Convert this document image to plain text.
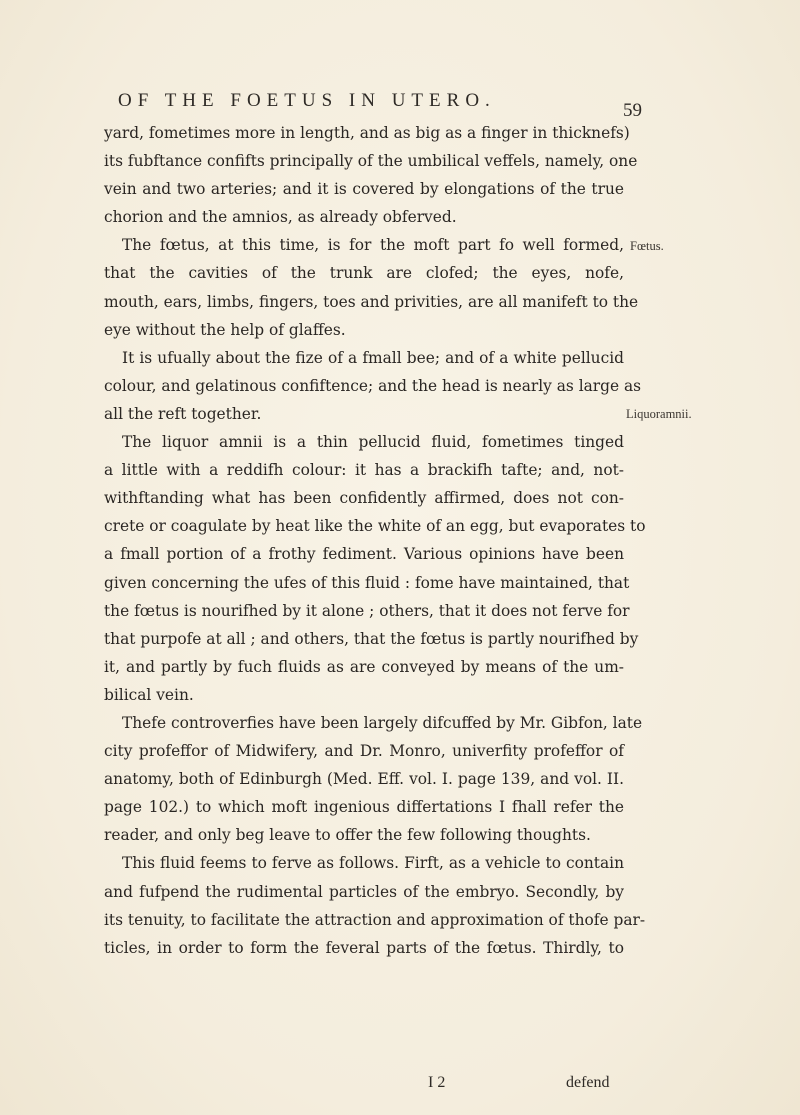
OF THE FOETUS IN UTERO.	59
Fœtus.
Liquoramnii.
yard, fometimes more in length, and as big as a finger in thicknefs)
its fubftance confifts principally of the umbilical veffels, namely, one
vein and two arteries; and it is covered by elongations of the true
chorion and the amnios, as already obferved.
The fœtus, at this time, is for the moft part fo well formed,
that the cavities of the trunk are clofed; the eyes, nofe,
mouth, ears, limbs, fingers, toes and privities, are all manifeft to the
eye without the help of glaffes.
It is ufually about the fize of a fmall bee; and of a white pellucid
colour, and gelatinous confiftence; and the head is nearly as large as
all the reft together.
The liquor amnii is a thin pellucid fluid, fometimes tinged
a little with a reddifh colour: it has a brackifh tafte; and, not-
withftanding what has been confidently affirmed, does not con-
crete or coagulate by heat like the white of an egg, but evaporates to
a fmall portion of a frothy fediment. Various opinions have been
given concerning the ufes of this fluid : fome have maintained, that
the fœtus is nourifhed by it alone ; others, that it does not ferve for
that purpofe at all ; and others, that the fœtus is partly nourifhed by
it, and partly by fuch fluids as are conveyed by means of the um-
bilical vein.
Thefe controverfies have been largely difcuffed by Mr. Gibfon, late
city profeffor of Midwifery, and Dr. Monro, univerfity profeffor of
anatomy, both of Edinburgh (Med. Eff. vol. I. page 139, and vol. II.
page 102.) to which moft ingenious differtations I fhall refer the
reader, and only beg leave to offer the few following thoughts.
This fluid feems to ferve as follows. Firft, as a vehicle to contain
and fufpend the rudimental particles of the embryo. Secondly, by
its tenuity, to facilitate the attraction and approximation of thofe par-
ticles, in order to form the feveral parts of the fœtus. Thirdly, to
I 2	defend
